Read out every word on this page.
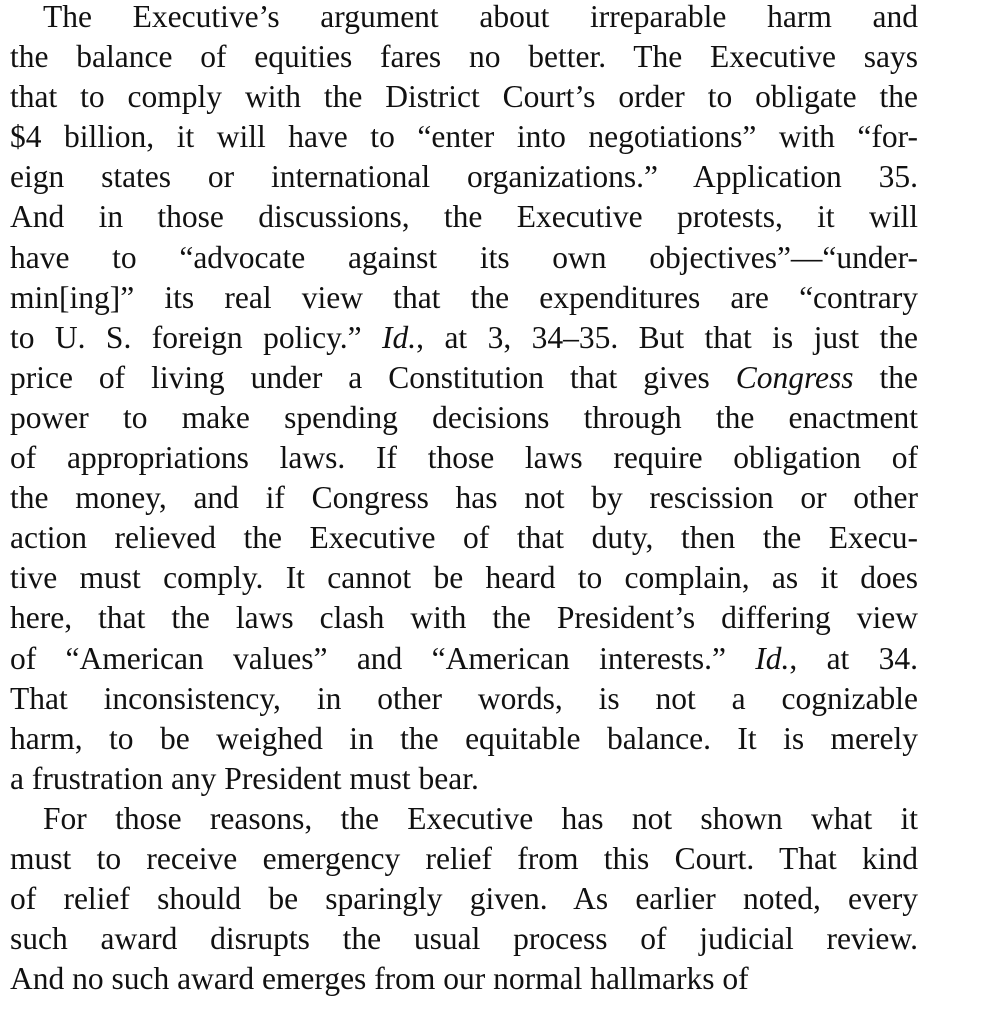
The Executive’s argument about irreparable harm and
the balance of equities fares no better. The Executive says
that to comply with the District Court’s order to obligate the
$4 billion, it will have to “enter into negotiations” with “for-
eign states or international organizations.” Application 35.
And in those discussions, the Executive protests, it will
have to “advocate against its own objectives”—“under-
min[ing]” its real view that the expenditures are “contrary
to U. S. foreign policy.” Id., at 3, 34–35. But that is just the
price of living under a Constitution that gives Congress the
power to make spending decisions through the enactment
of appropriations laws. If those laws require obligation of
the money, and if Congress has not by rescission or other
action relieved the Executive of that duty, then the Execu-
tive must comply. It cannot be heard to complain, as it does
here, that the laws clash with the President’s differing view
of “American values” and “American interests.” Id., at 34.
That inconsistency, in other words, is not a cognizable
harm, to be weighed in the equitable balance. It is merely
a frustration any President must bear.
For those reasons, the Executive has not shown what it
must to receive emergency relief from this Court. That kind
of relief should be sparingly given. As earlier noted, every
such award disrupts the usual process of judicial review.
And no such award emerges from our normal hallmarks of
